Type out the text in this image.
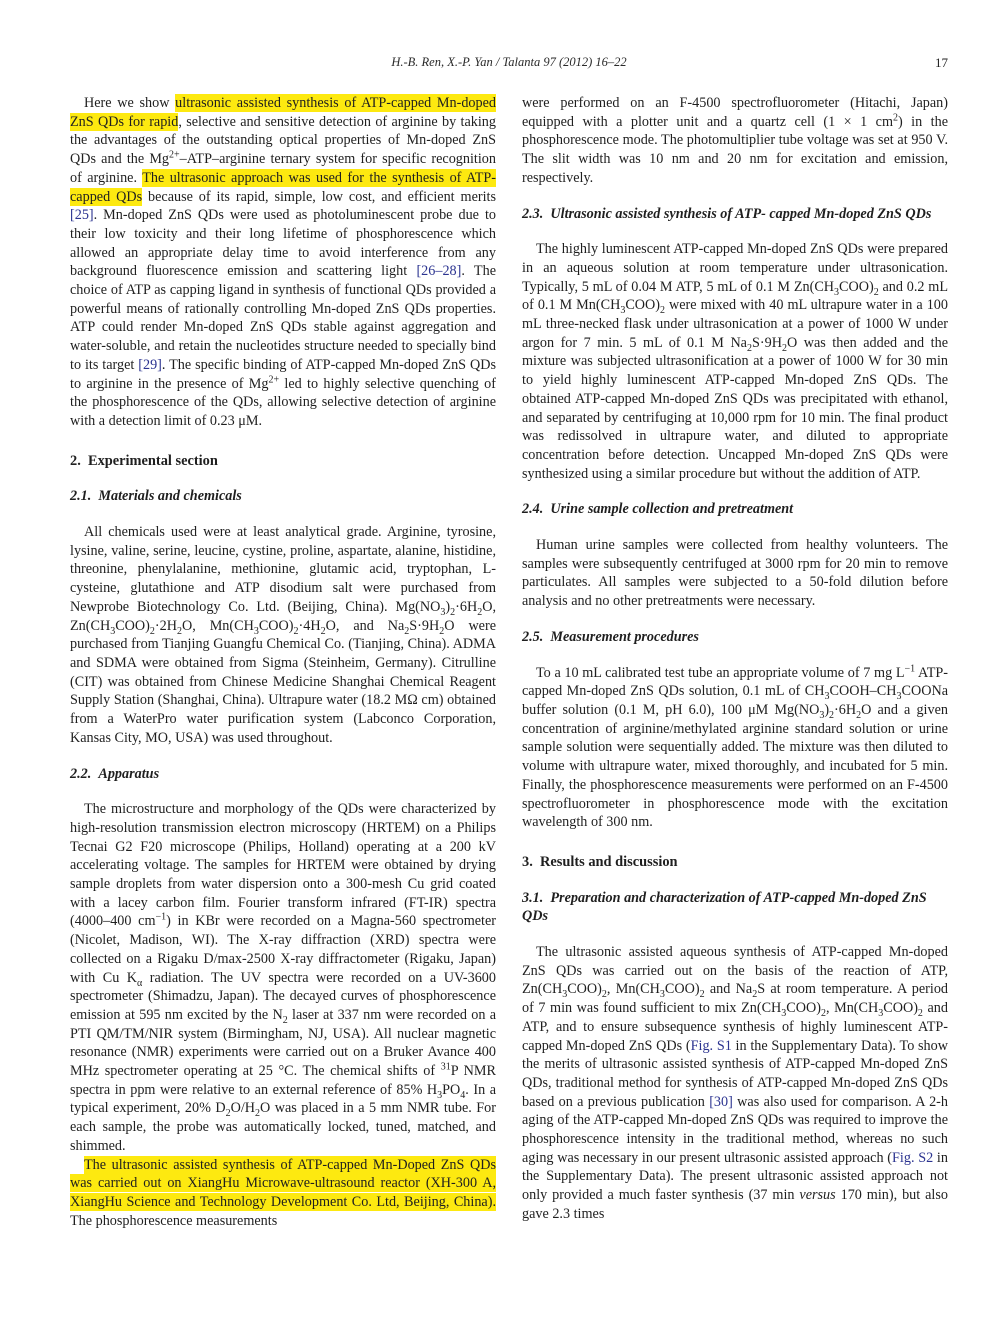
H.-B. Ren, X.-P. Yan / Talanta 97 (2012) 16–22	17

Here we show ultrasonic assisted synthesis of ATP-capped Mn-doped ZnS QDs for rapid, selective and sensitive detection of arginine by taking the advantages of the outstanding optical properties of Mn-doped ZnS QDs and the $Mg^{2+}-ATP$–arginine ternary system for specific recognition of arginine. The ultrasonic approach was used for the synthesis of ATP-capped QDs because of its rapid, simple, low cost, and efficient merits [25]. Mn-doped ZnS QDs were used as photoluminescent probe due to their low toxicity and their long lifetime of phosphorescence which allowed an appropriate delay time to avoid interference from any background fluorescence emission and scattering light [26–28]. The choice of ATP as capping ligand in synthesis of functional QDs provided a powerful means of rationally controlling Mn-doped ZnS QDs properties. ATP could render Mn-doped ZnS QDs stable against aggregation and water-soluble, and retain the nucleotides structure needed to specially bind to its target [29]. The specific binding of ATP-capped Mn-doped ZnS QDs to arginine in the presence of $Mg^{2+}$ led to highly selective quenching of the phosphorescence of the QDs, allowing selective detection of arginine with a detection limit of 0.23 μM.

2. Experimental section
2.1. Materials and chemicals

All chemicals used were at least analytical grade. Arginine, tyrosine, lysine, valine, serine, leucine, cystine, proline, aspartate, alanine, histidine, threonine, phenylalanine, methionine, glutamic acid, tryptophan, L-cysteine, glutathione and ATP disodium salt were purchased from Newprobe Biotechnology Co. Ltd. (Beijing, China). $Mg(NO_3)_2\cdot 6H_2O$, $Zn(CH_3COO)_2\cdot 2H_2O$, $Mn(CH_3COO)_2\cdot 4H_2O$, and $Na_2S\cdot 9H_2O$ were purchased from Tianjing Guangfu Chemical Co. (Tianjing, China). ADMA and SDMA were obtained from Sigma (Steinheim, Germany). Citrulline (CIT) was obtained from Chinese Medicine Shanghai Chemical Reagent Supply Station (Shanghai, China). Ultrapure water (18.2 MΩ cm) obtained from a WaterPro water purification system (Labconco Corporation, Kansas City, MO, USA) was used throughout.

2.2. Apparatus

The microstructure and morphology of the QDs were characterized by high-resolution transmission electron microscopy (HRTEM) on a Philips Tecnai G2 F20 microscope (Philips, Holland) operating at a 200 kV accelerating voltage. The samples for HRTEM were obtained by drying sample droplets from water dispersion onto a 300-mesh Cu grid coated with a lacey carbon film. Fourier transform infrared (FT-IR) spectra (4000–400 $cm^{-1}$) in KBr were recorded on a Magna-560 spectrometer (Nicolet, Madison, WI). The X-ray diffraction (XRD) spectra were collected on a Rigaku D/max-2500 X-ray diffractometer (Rigaku, Japan) with Cu $K_\alpha$ radiation. The UV spectra were recorded on a UV-3600 spectrometer (Shimadzu, Japan). The decayed curves of phosphorescence emission at 595 nm excited by the $N_2$ laser at 337 nm were recorded on a PTI QM/TM/NIR system (Birmingham, NJ, USA). All nuclear magnetic resonance (NMR) experiments were carried out on a Bruker Avance 400 MHz spectrometer operating at 25 °C. The chemical shifts of $^{31}$P NMR spectra in ppm were relative to an external reference of 85% $H_3PO_4$. In a typical experiment, 20% $D_2O/H_2O$ was placed in a 5 mm NMR tube. For each sample, the probe was automatically locked, tuned, matched, and shimmed.

The ultrasonic assisted synthesis of ATP-capped Mn-Doped ZnS QDs was carried out on XiangHu Microwave-ultrasound reactor (XH-300 A, XiangHu Science and Technology Development Co. Ltd, Beijing, China). The phosphorescence measurements

were performed on an F-4500 spectrofluorometer (Hitachi, Japan) equipped with a plotter unit and a quartz cell (1 × 1 $cm^2$) in the phosphorescence mode. The photomultiplier tube voltage was set at 950 V. The slit width was 10 nm and 20 nm for excitation and emission, respectively.

2.3. Ultrasonic assisted synthesis of ATP- capped Mn-doped ZnS QDs

The highly luminescent ATP-capped Mn-doped ZnS QDs were prepared in an aqueous solution at room temperature under ultrasonication. Typically, 5 mL of 0.04 M ATP, 5 mL of 0.1 M $Zn(CH_3COO)_2$ and 0.2 mL of 0.1 M $Mn(CH_3COO)_2$ were mixed with 40 mL ultrapure water in a 100 mL three-necked flask under ultrasonication at a power of 1000 W under argon for 7 min. 5 mL of 0.1 M $Na_2S\cdot 9H_2O$ was then added and the mixture was subjected ultrasonification at a power of 1000 W for 30 min to yield highly luminescent ATP-capped Mn-doped ZnS QDs. The obtained ATP-capped Mn-doped ZnS QDs was precipitated with ethanol, and separated by centrifuging at 10,000 rpm for 10 min. The final product was redissolved in ultrapure water, and diluted to appropriate concentration before detection. Uncapped Mn-doped ZnS QDs were synthesized using a similar procedure but without the addition of ATP.

2.4. Urine sample collection and pretreatment

Human urine samples were collected from healthy volunteers. The samples were subsequently centrifuged at 3000 rpm for 20 min to remove particulates. All samples were subjected to a 50-fold dilution before analysis and no other pretreatments were necessary.

2.5. Measurement procedures

To a 10 mL calibrated test tube an appropriate volume of 7 mg $L^{-1}$ ATP-capped Mn-doped ZnS QDs solution, 0.1 mL of $CH_3COOH-CH_3COONa$ buffer solution (0.1 M, pH 6.0), 100 μM $Mg(NO_3)_2\cdot 6H_2O$ and a given concentration of arginine/methylated arginine standard solution or urine sample solution were sequentially added. The mixture was then diluted to volume with ultrapure water, mixed thoroughly, and incubated for 5 min. Finally, the phosphorescence measurements were performed on an F-4500 spectrofluorometer in phosphorescence mode with the excitation wavelength of 300 nm.

3. Results and discussion
3.1. Preparation and characterization of ATP-capped Mn-doped ZnS QDs

The ultrasonic assisted aqueous synthesis of ATP-capped Mn-doped ZnS QDs was carried out on the basis of the reaction of ATP, $Zn(CH_3COO)_2$, $Mn(CH_3COO)_2$ and $Na_2S$ at room temperature. A period of 7 min was found sufficient to mix $Zn(CH_3COO)_2$, $Mn(CH_3COO)_2$ and ATP, and to ensure subsequence synthesis of highly luminescent ATP-capped Mn-doped ZnS QDs (Fig. S1 in the Supplementary Data). To show the merits of ultrasonic assisted synthesis of ATP-capped Mn-doped ZnS QDs, traditional method for synthesis of ATP-capped Mn-doped ZnS QDs based on a previous publication [30] was also used for comparison. A 2-h aging of the ATP-capped Mn-doped ZnS QDs was required to improve the phosphorescence intensity in the traditional method, whereas no such aging was necessary in our present ultrasonic assisted approach (Fig. S2 in the Supplementary Data). The present ultrasonic assisted approach not only provided a much faster synthesis (37 min versus 170 min), but also gave 2.3 times
